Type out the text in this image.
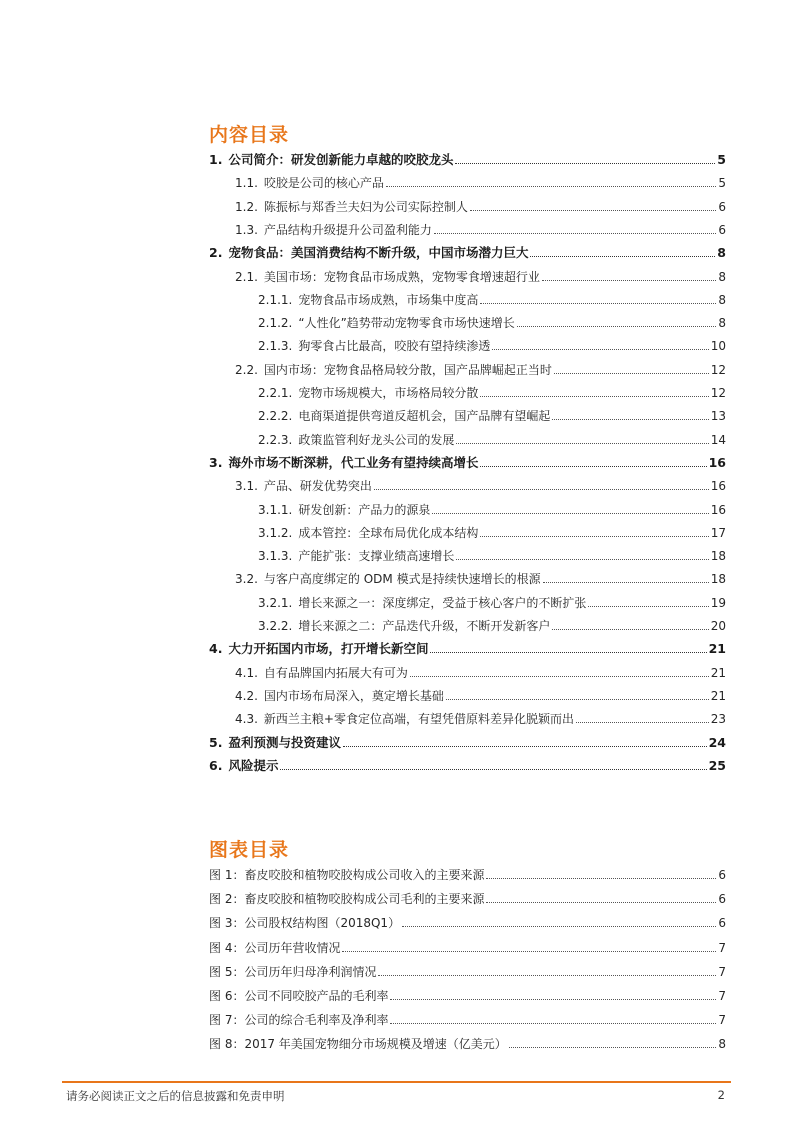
内容目录
1. 公司简介：研发创新能力卓越的咬胶龙头	5
1.1. 咬胶是公司的核心产品	5
1.2. 陈振标与郑香兰夫妇为公司实际控制人	6
1.3. 产品结构升级提升公司盈利能力	6
2. 宠物食品：美国消费结构不断升级，中国市场潜力巨大	8
2.1. 美国市场：宠物食品市场成熟，宠物零食增速超行业	8
2.1.1. 宠物食品市场成熟，市场集中度高	8
2.1.2. “人性化”趋势带动宠物零食市场快速增长	8
2.1.3. 狗零食占比最高，咬胶有望持续渗透	10
2.2. 国内市场：宠物食品格局较分散，国产品牌崛起正当时	12
2.2.1. 宠物市场规模大，市场格局较分散	12
2.2.2. 电商渠道提供弯道反超机会，国产品牌有望崛起	13
2.2.3. 政策监管利好龙头公司的发展	14
3. 海外市场不断深耕，代工业务有望持续高增长	16
3.1. 产品、研发优势突出	16
3.1.1. 研发创新：产品力的源泉	16
3.1.2. 成本管控：全球布局优化成本结构	17
3.1.3. 产能扩张：支撑业绩高速增长	18
3.2. 与客户高度绑定的 ODM 模式是持续快速增长的根源	18
3.2.1. 增长来源之一：深度绑定，受益于核心客户的不断扩张	19
3.2.2. 增长来源之二：产品迭代升级，不断开发新客户	20
4. 大力开拓国内市场，打开增长新空间	21
4.1. 自有品牌国内拓展大有可为	21
4.2. 国内市场布局深入，奠定增长基础	21
4.3. 新西兰主粮+零食定位高端，有望凭借原料差异化脱颖而出	23
5. 盈利预测与投资建议	24
6. 风险提示	25
图表目录
图 1：畜皮咬胶和植物咬胶构成公司收入的主要来源	6
图 2：畜皮咬胶和植物咬胶构成公司毛利的主要来源	6
图 3：公司股权结构图（2018Q1）	6
图 4：公司历年营收情况	7
图 5：公司历年归母净利润情况	7
图 6：公司不同咬胶产品的毛利率	7
图 7：公司的综合毛利率及净利率	7
图 8：2017 年美国宠物细分市场规模及增速（亿美元）	8
请务必阅读正文之后的信息披露和免责申明	2
